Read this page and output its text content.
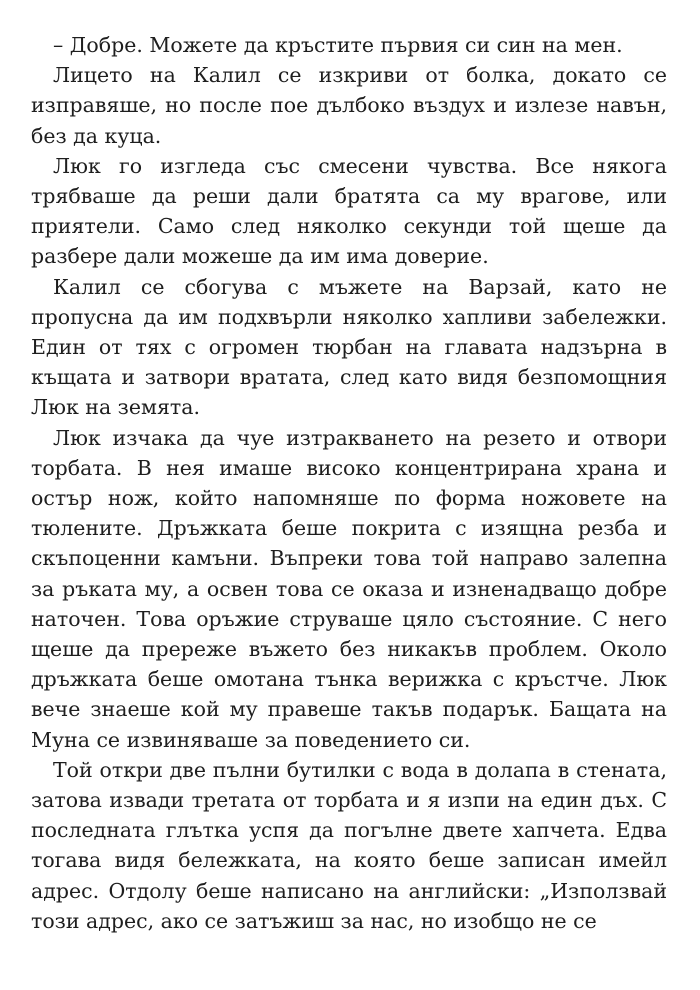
– Добре. Можете да кръстите първия си син на мен.

Лицето на Калил се изкриви от болка, докато се изправяше, но после пое дълбоко въздух и излезе навън, без да куца.

Люк го изгледа със смесени чувства. Все някога трябваше да реши дали братята са му врагове, или приятели. Само след няколко секунди той щеше да разбере дали можеше да им има доверие.

Калил се сбогува с мъжете на Варзай, като не пропусна да им подхвърли няколко хапливи забележки. Един от тях с огромен тюрбан на главата надзърна в къщата и затвори вратата, след като видя безпомощния Люк на земята.

Люк изчака да чуе изтракването на резето и отвори торбата. В нея имаше високо концентрирана храна и остър нож, който напомняше по форма ножовете на тюлените. Дръжката беше покрита с изящна резба и скъпоценни камъни. Въпреки това той направо залепна за ръката му, а освен това се оказа и изненадващо добре наточен. Това оръжие струваше цяло състояние. С него щеше да прережe въжето без никакъв проблем. Около дръжката беше омотана тънка верижка с кръстче. Люк вече знаеше кой му правеше такъв подарък. Бащата на Муна се извиняваше за поведението си.

Той откри две пълни бутилки с вода в долапа в стената, затова извади третата от торбата и я изпи на един дъх. С последната глътка успя да погълне двете хапчета. Едва тогава видя бележката, на която беше записан имейл адрес. Отдолу беше написано на английски: „Използвай този адрес, ако се затъжиш за нас, но изобщо не се
